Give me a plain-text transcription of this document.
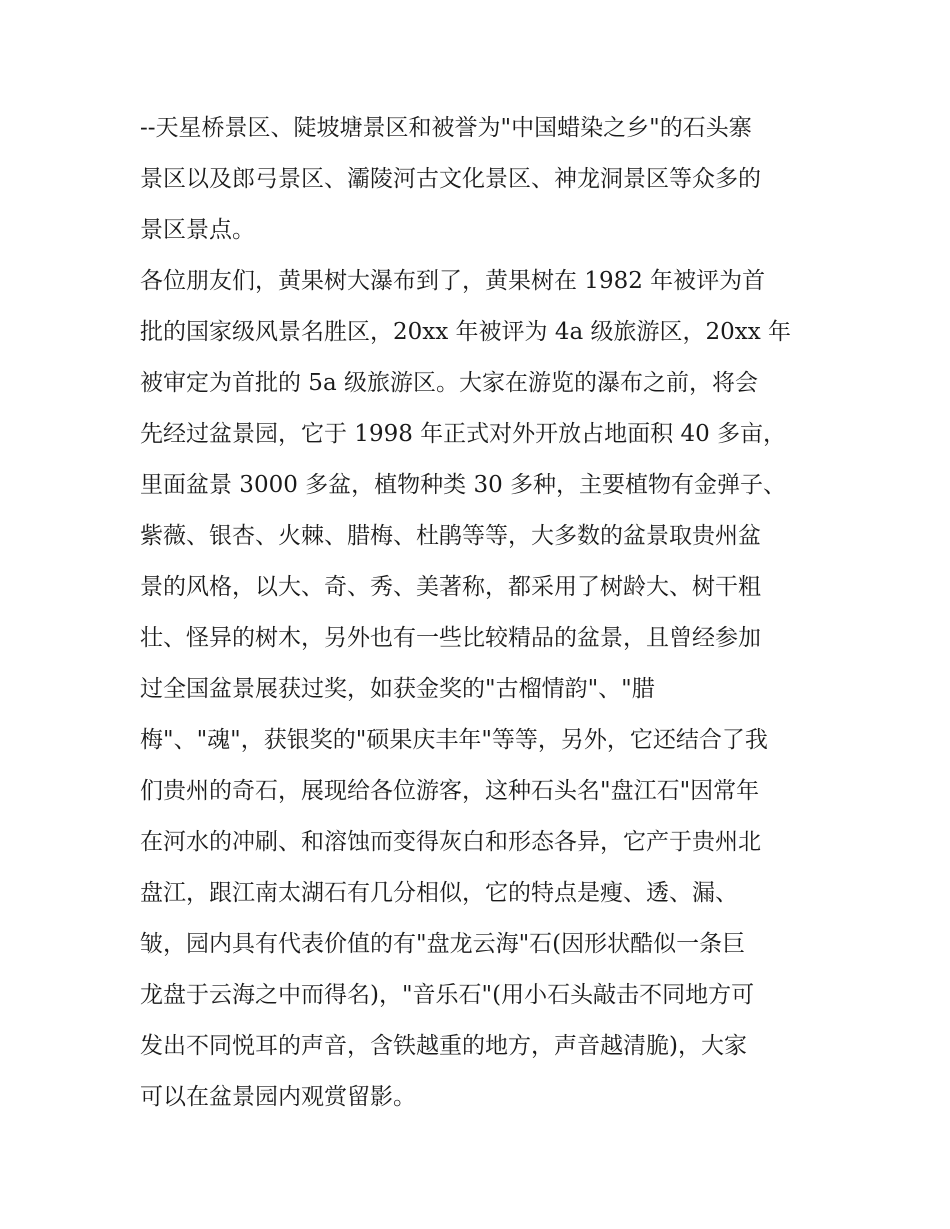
--天星桥景区、陡坡塘景区和被誉为"中国蜡染之乡"的石头寨
景区以及郎弓景区、灞陵河古文化景区、神龙洞景区等众多的
景区景点。
各位朋友们，黄果树大瀑布到了，黄果树在 1982 年被评为首
批的国家级风景名胜区，20xx 年被评为 4a 级旅游区，20xx 年
被审定为首批的 5a 级旅游区。大家在游览的瀑布之前，将会
先经过盆景园，它于 1998 年正式对外开放占地面积 40 多亩，
里面盆景 3000 多盆，植物种类 30 多种，主要植物有金弹子、
紫薇、银杏、火棘、腊梅、杜鹃等等，大多数的盆景取贵州盆
景的风格，以大、奇、秀、美著称，都采用了树龄大、树干粗
壮、怪异的树木，另外也有一些比较精品的盆景，且曾经参加
过全国盆景展获过奖，如获金奖的"古榴情韵"、"腊
梅"、"魂"，获银奖的"硕果庆丰年"等等，另外，它还结合了我
们贵州的奇石，展现给各位游客，这种石头名"盘江石"因常年
在河水的冲刷、和溶蚀而变得灰白和形态各异，它产于贵州北
盘江，跟江南太湖石有几分相似，它的特点是瘦、透、漏、
皱，园内具有代表价值的有"盘龙云海"石(因形状酷似一条巨
龙盘于云海之中而得名)，"音乐石"(用小石头敲击不同地方可
发出不同悦耳的声音，含铁越重的地方，声音越清脆)，大家
可以在盆景园内观赏留影。
